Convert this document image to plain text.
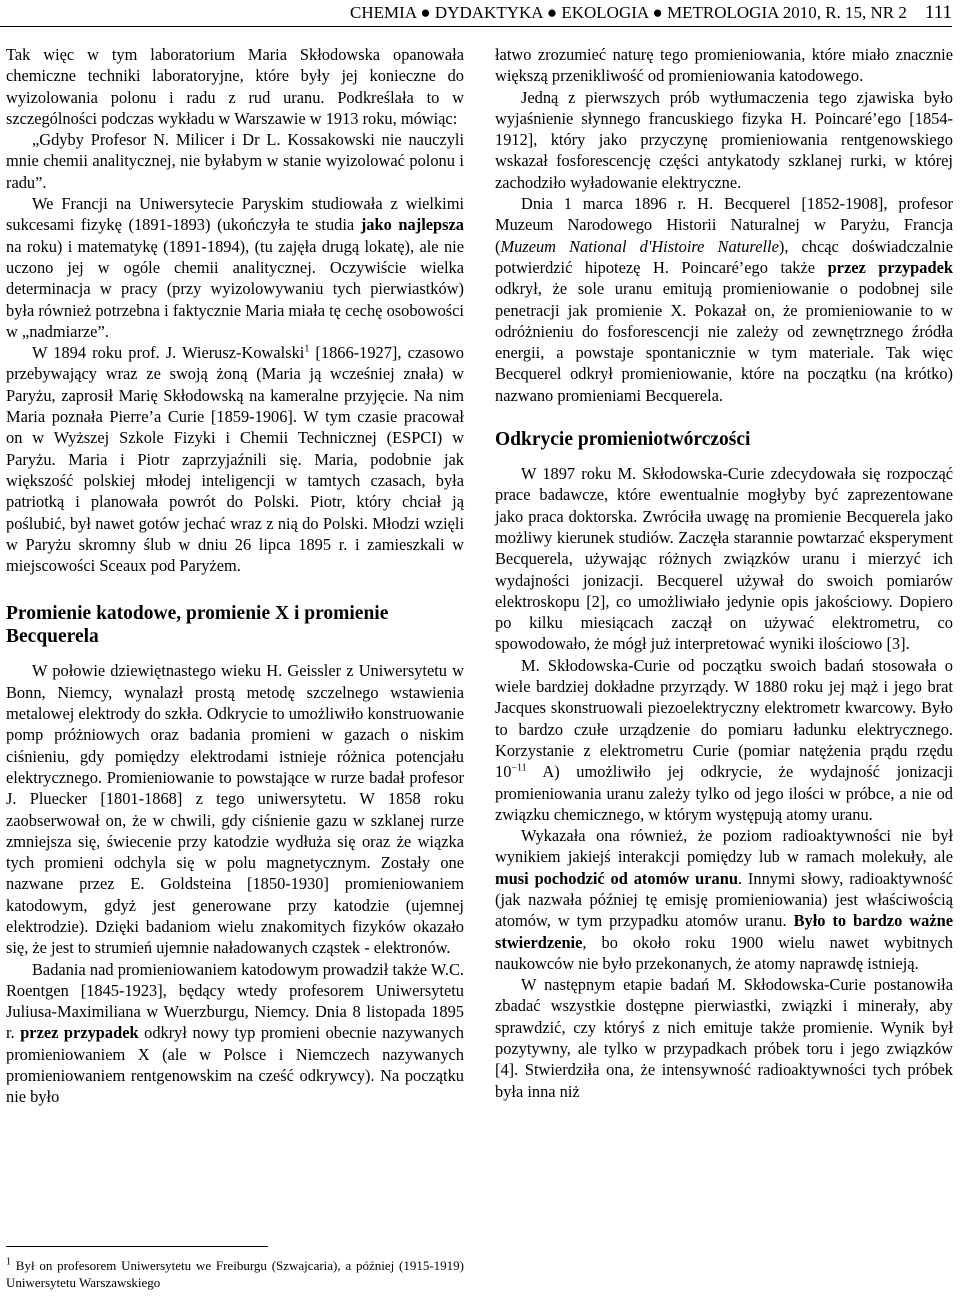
CHEMIA ● DYDAKTYKA ● EKOLOGIA ● METROLOGIA 2010, R. 15, NR 2 111

Tak więc w tym laboratorium Maria Skłodowska opanowała chemiczne techniki laboratoryjne, które były jej konieczne do wyizolowania polonu i radu z rud uranu. Podkreślała to w szczególności podczas wykładu w Warszawie w 1913 roku, mówiąc:

„Gdyby Profesor N. Milicer i Dr L. Kossakowski nie nauczyli mnie chemii analitycznej, nie byłabym w stanie wyizolować polonu i radu”.

We Francji na Uniwersytecie Paryskim studiowała z wielkimi sukcesami fizykę (1891-1893) (ukończyła te studia jako najlepsza na roku) i matematykę (1891-1894), (tu zajęła drugą lokatę), ale nie uczono jej w ogóle chemii analitycznej. Oczywiście wielka determinacja w pracy (przy wyizolowywaniu tych pierwiastków) była również potrzebna i faktycznie Maria miała tę cechę osobowości w „nadmiarze”.

W 1894 roku prof. J. Wierusz-Kowalski$^1$ [1866-1927], czasowo przebywający wraz ze swoją żoną (Maria ją wcześniej znała) w Paryżu, zaprosił Marię Skłodowską na kameralne przyjęcie. Na nim Maria poznała Pierre’a Curie [1859-1906]. W tym czasie pracował on w Wyższej Szkole Fizyki i Chemii Technicznej (ESPCI) w Paryżu. Maria i Piotr zaprzyjaźnili się. Maria, podobnie jak większość polskiej młodej inteligencji w tamtych czasach, była patriotką i planowała powrót do Polski. Piotr, który chciał ją poślubić, był nawet gotów jechać wraz z nią do Polski. Młodzi wzięli w Paryżu skromny ślub w dniu 26 lipca 1895 r. i zamieszkali w miejscowości Sceaux pod Paryżem.

Promienie katodowe, promienie X i promienie Becquerela

W połowie dziewiętnastego wieku H. Geissler z Uniwersytetu w Bonn, Niemcy, wynalazł prostą metodę szczelnego wstawienia metalowej elektrody do szkła. Odkrycie to umożliwiło konstruowanie pomp próżniowych oraz badania promieni w gazach o niskim ciśnieniu, gdy pomiędzy elektrodami istnieje różnica potencjału elektrycznego. Promieniowanie to powstające w rurze badał profesor J. Pluecker [1801-1868] z tego uniwersytetu. W 1858 roku zaobserwował on, że w chwili, gdy ciśnienie gazu w szklanej rurze zmniejsza się, świecenie przy katodzie wydłuża się oraz że wiązka tych promieni odchyla się w polu magnetycznym. Zostały one nazwane przez E. Goldsteina [1850-1930] promieniowaniem katodowym, gdyż jest generowane przy katodzie (ujemnej elektrodzie). Dzięki badaniom wielu znakomitych fizyków okazało się, że jest to strumień ujemnie naładowanych cząstek - elektronów.

Badania nad promieniowaniem katodowym prowadził także W.C. Roentgen [1845-1923], będący wtedy profesorem Uniwersytetu Juliusa-Maximiliana w Wuerzburgu, Niemcy. Dnia 8 listopada 1895 r. przez przypadek odkrył nowy typ promieni obecnie nazywanych promieniowaniem X (ale w Polsce i Niemczech nazywanych promieniowaniem rentgenowskim na cześć odkrywcy). Na początku nie było

$^1$ Był on profesorem Uniwersytetu we Freiburgu (Szwajcaria), a później (1915-1919) Uniwersytetu Warszawskiego

łatwo zrozumieć naturę tego promieniowania, które miało znacznie większą przenikliwość od promieniowania katodowego.

Jedną z pierwszych prób wytłumaczenia tego zjawiska było wyjaśnienie słynnego francuskiego fizyka H. Poincaré’ego [1854-1912], który jako przyczynę promieniowania rentgenowskiego wskazał fosforescencję części antykatody szklanej rurki, w której zachodziło wyładowanie elektryczne.

Dnia 1 marca 1896 r. H. Becquerel [1852-1908], profesor Muzeum Narodowego Historii Naturalnej w Paryżu, Francja (Muzeum National d'Histoire Naturelle), chcąc doświadczalnie potwierdzić hipotezę H. Poincaré’ego także przez przypadek odkrył, że sole uranu emitują promieniowanie o podobnej sile penetracji jak promienie X. Pokazał on, że promieniowanie to w odróżnieniu do fosforescencji nie zależy od zewnętrznego źródła energii, a powstaje spontanicznie w tym materiale. Tak więc Becquerel odkrył promieniowanie, które na początku (na krótko) nazwano promieniami Becquerela.

Odkrycie promieniotwórczości

W 1897 roku M. Skłodowska-Curie zdecydowała się rozpocząć prace badawcze, które ewentualnie mogłyby być zaprezentowane jako praca doktorska. Zwróciła uwagę na promienie Becquerela jako możliwy kierunek studiów. Zaczęła starannie powtarzać eksperyment Becquerela, używając różnych związków uranu i mierzyć ich wydajności jonizacji. Becquerel używał do swoich pomiarów elektroskopu [2], co umożliwiało jedynie opis jakościowy. Dopiero po kilku miesiącach zaczął on używać elektrometru, co spowodowało, że mógł już interpretować wyniki ilościowo [3].

M. Skłodowska-Curie od początku swoich badań stosowała o wiele bardziej dokładne przyrządy. W 1880 roku jej mąż i jego brat Jacques skonstruowali piezoelektryczny elektrometr kwarcowy. Było to bardzo czułe urządzenie do pomiaru ładunku elektrycznego. Korzystanie z elektrometru Curie (pomiar natężenia prądu rzędu $10^{-11}$ A) umożliwiło jej odkrycie, że wydajność jonizacji promieniowania uranu zależy tylko od jego ilości w próbce, a nie od związku chemicznego, w którym występują atomy uranu.

Wykazała ona również, że poziom radioaktywności nie był wynikiem jakiejś interakcji pomiędzy lub w ramach molekuły, ale musi pochodzić od atomów uranu. Innymi słowy, radioaktywność (jak nazwała później tę emisję promieniowania) jest właściwością atomów, w tym przypadku atomów uranu. Było to bardzo ważne stwierdzenie, bo około roku 1900 wielu nawet wybitnych naukowców nie było przekonanych, że atomy naprawdę istnieją.

W następnym etapie badań M. Skłodowska-Curie postanowiła zbadać wszystkie dostępne pierwiastki, związki i minerały, aby sprawdzić, czy któryś z nich emituje także promienie. Wynik był pozytywny, ale tylko w przypadkach próbek toru i jego związków [4]. Stwierdziła ona, że intensywność radioaktywności tych próbek była inna niż
